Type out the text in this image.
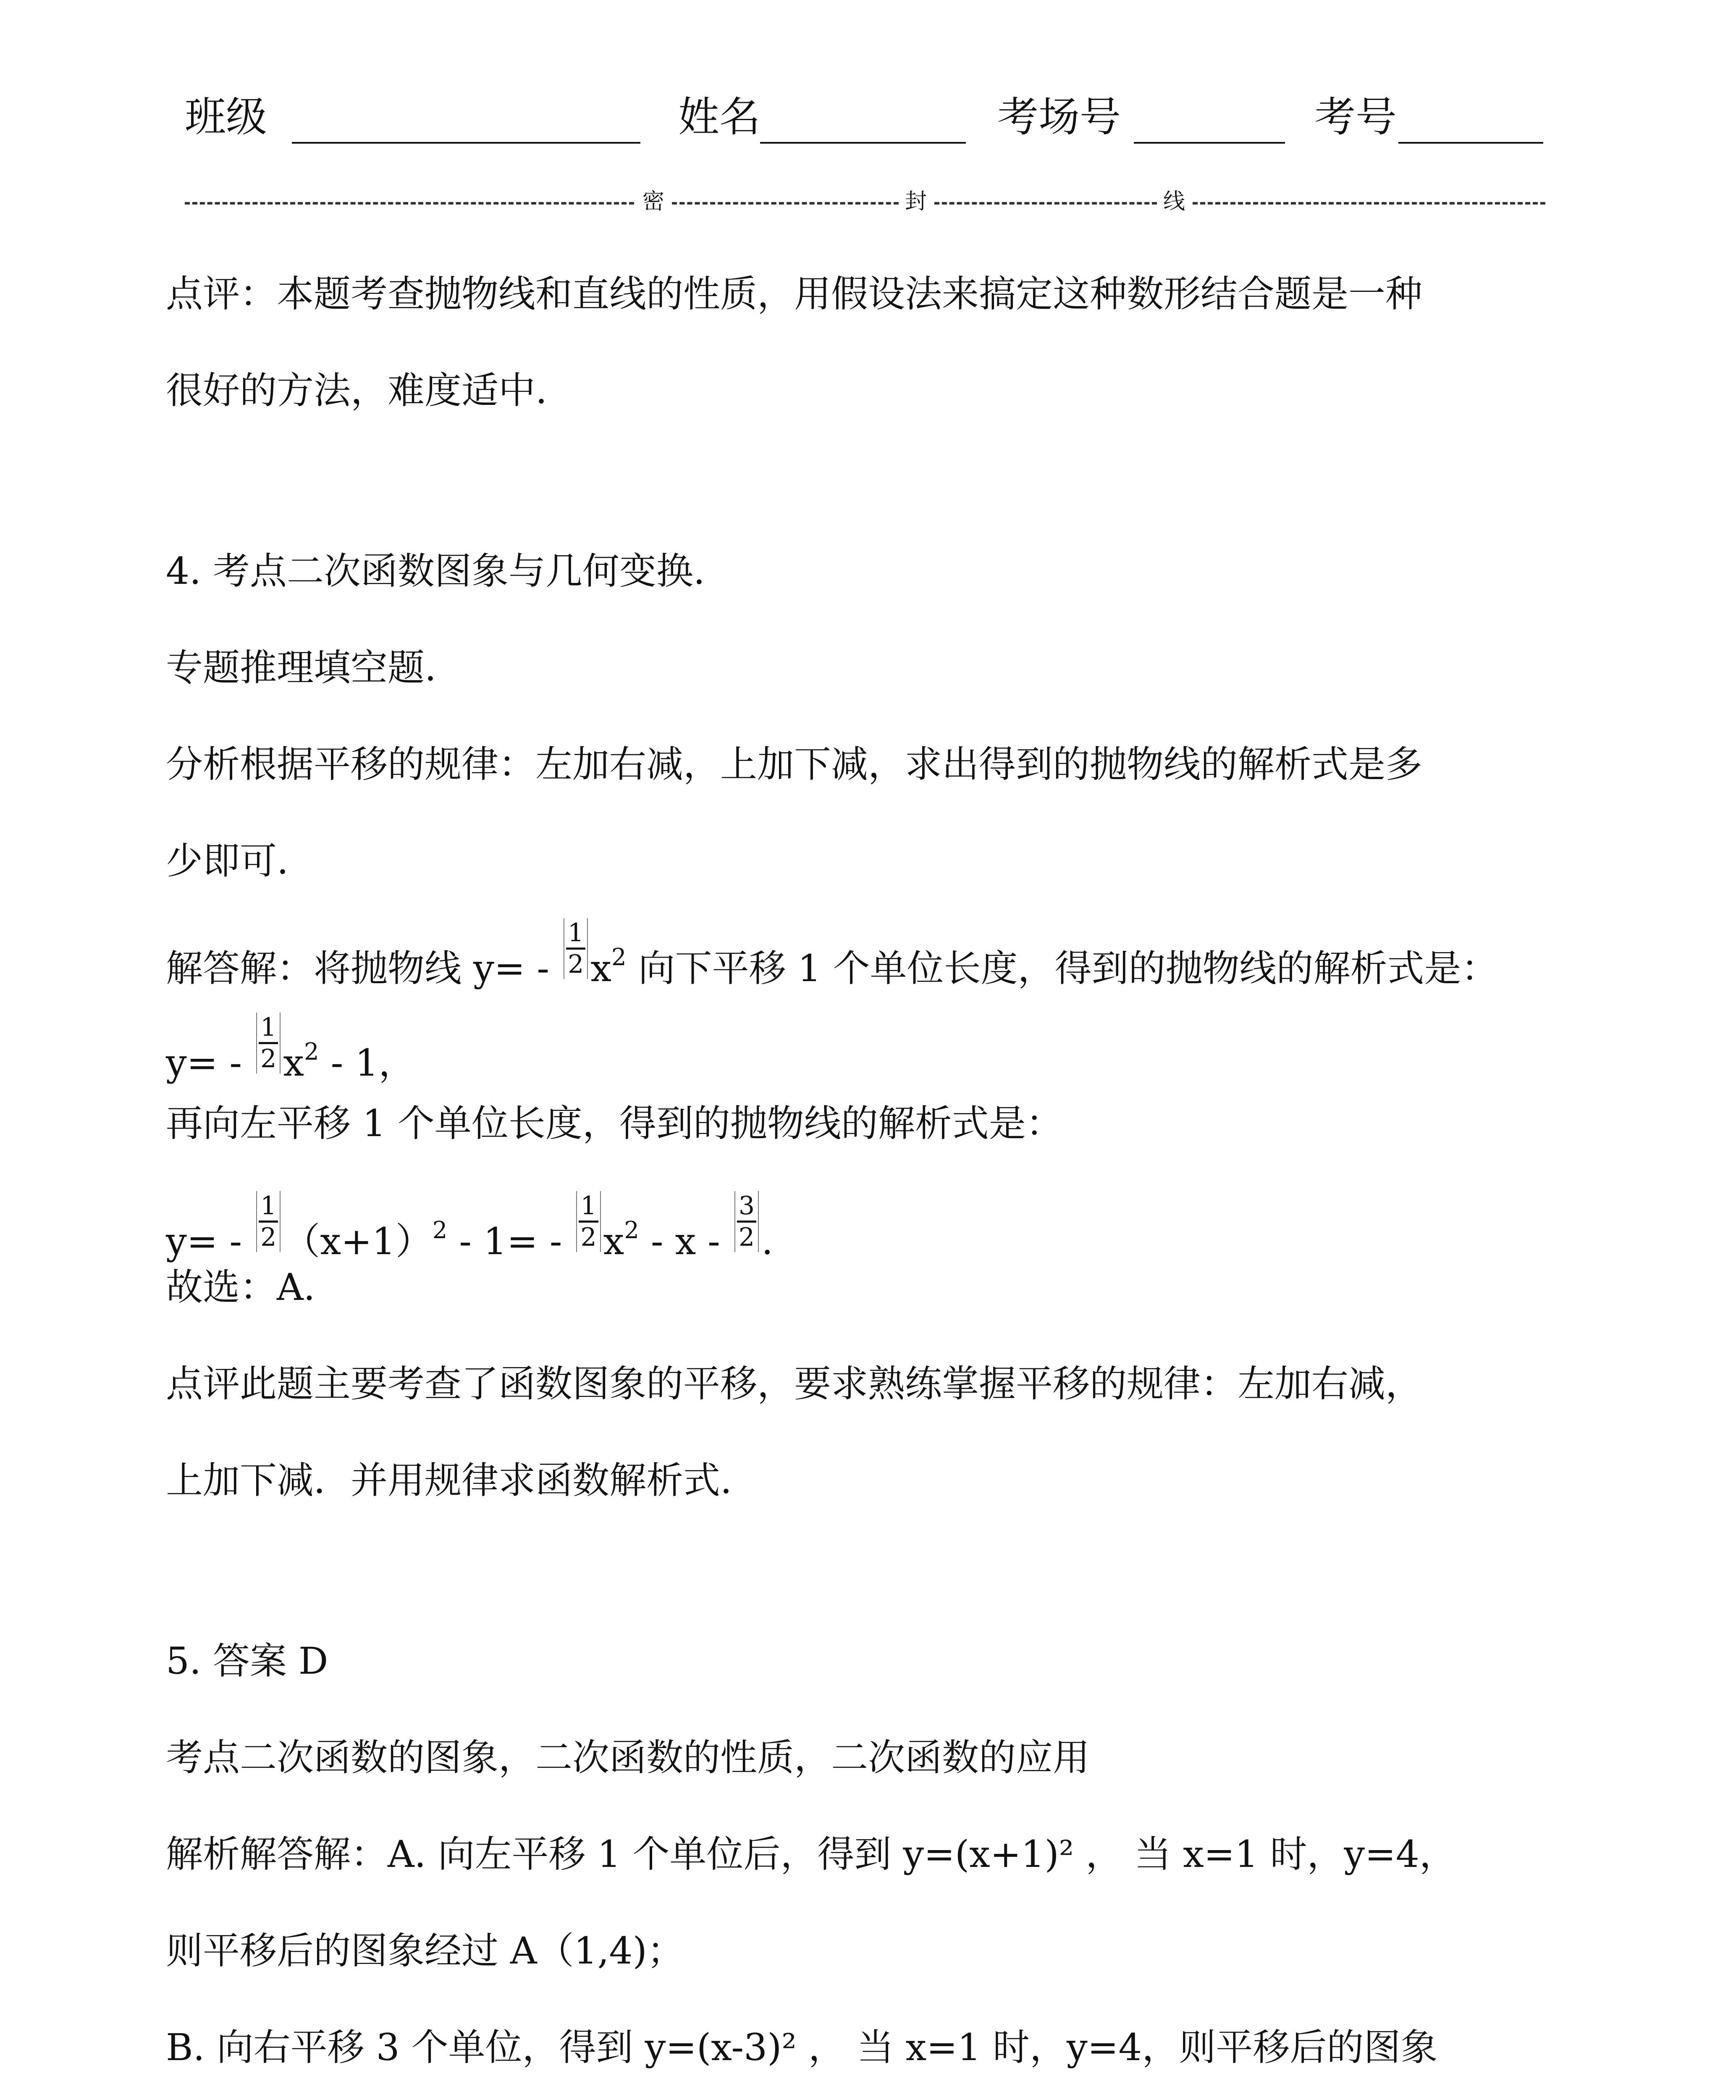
班级	姓名	考场号	考号
密	封	线
点评：本题考查抛物线和直线的性质，用假设法来搞定这种数形结合题是一种
很好的方法，难度适中.
4. 考点二次函数图象与几何变换.
专题推理填空题.
分析根据平移的规律：左加右减，上加下减，求出得到的抛物线的解析式是多
少即可.
解答解：将抛物线 $y= - \frac{1}{2} x^2$ 向下平移 1 个单位长度，得到的抛物线的解析式是：
$y= - \frac{1}{2} x^2 - 1$，
再向左平移 1 个单位长度，得到的抛物线的解析式是：
$y= - \frac{1}{2} (x+1)^2 - 1= - \frac{1}{2} x^2 - x - \frac{3}{2}$ .
故选：A.
点评此题主要考查了函数图象的平移，要求熟练掌握平移的规律：左加右减，
上加下减．并用规律求函数解析式.
5. 答案 D
考点二次函数的图象，二次函数的性质，二次函数的应用
解析解答解：A. 向左平移 1 个单位后，得到 y=(x+1)² ， 当 x=1 时，y=4，
则平移后的图象经过 A（1,4)；
B. 向右平移 3 个单位，得到 y=(x-3)² ， 当 x=1 时，y=4，则平移后的图象
